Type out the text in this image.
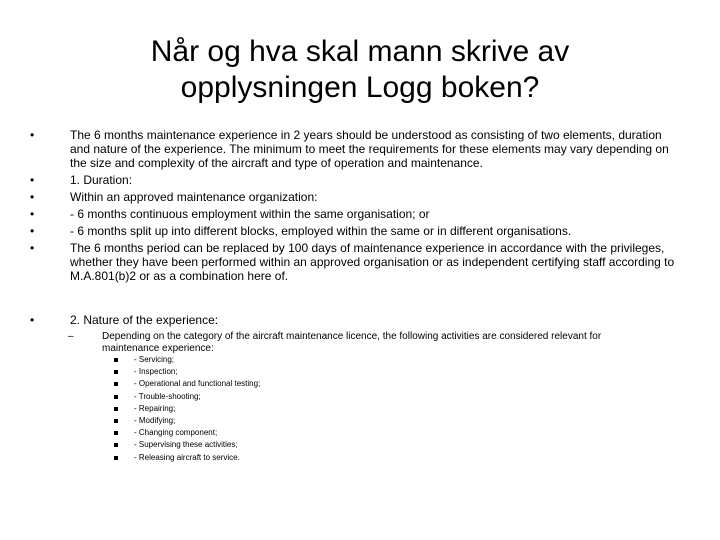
Når og hva skal mann skrive av
opplysningen Logg boken?
•	The 6 months maintenance experience in 2 years should be understood as consisting of two elements, duration and nature of the experience. The minimum to meet the requirements for these elements may vary depending on the size and complexity of the aircraft and type of operation and maintenance.
•	1. Duration:
•	Within an approved maintenance organization:
•	- 6 months continuous employment within the same organisation; or
•	- 6 months split up into different blocks, employed within the same or in different organisations.
•	The 6 months period can be replaced by 100 days of maintenance experience in accordance with the privileges, whether they have been performed within an approved organisation or as independent certifying staff according to M.A.801(b)2 or as a combination here of.
•	2. Nature of the experience:
–	Depending on the category of the aircraft maintenance licence, the following activities are considered relevant for maintenance experience:
- Servicing;
- Inspection;
- Operational and functional testing;
- Trouble-shooting;
- Repairing;
- Modifying;
- Changing component;
- Supervising these activities;
- Releasing aircraft to service.
